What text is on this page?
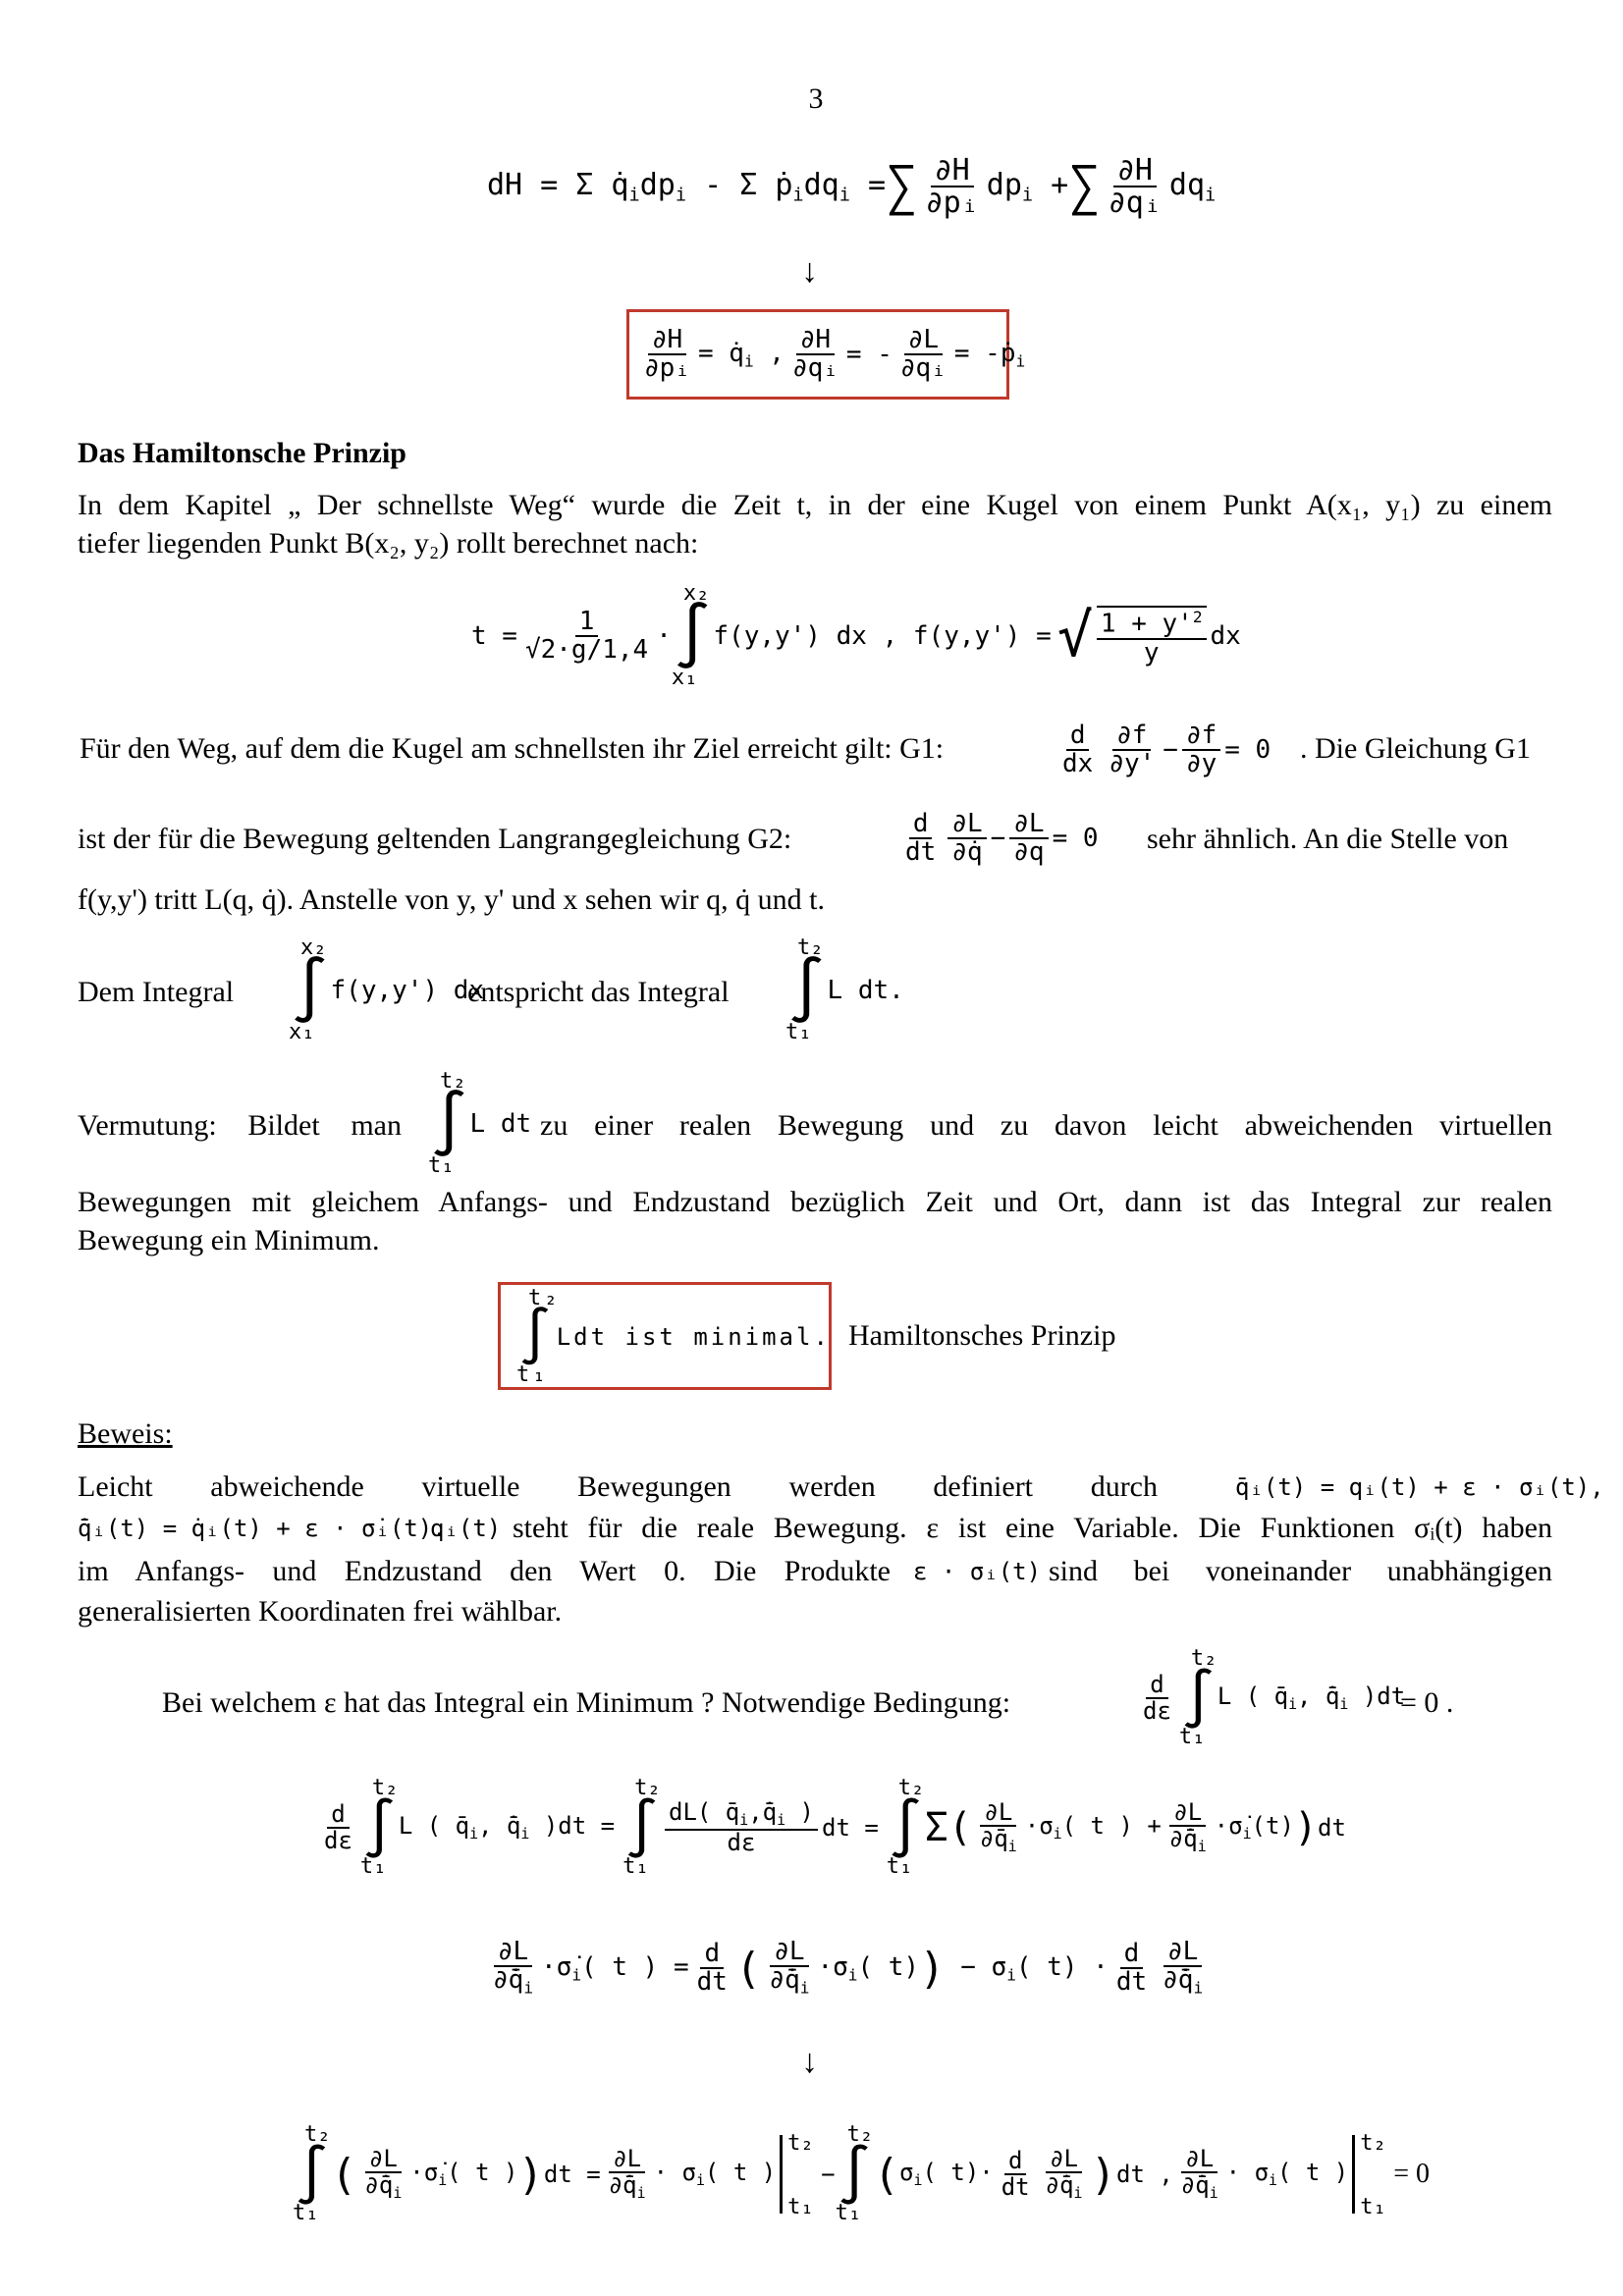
3
dH = Σ $q̇_idp_i$ - Σ $ṗ_idq_i$ = ∑ $\frac{\partial H}{\text{∂pᵢ}} dp_i$ + ∑ $\frac{\partial H}{\text{∂qᵢ}} dq_i$
↓
$\frac{\partial H}{\text{∂pᵢ}}$ = $q̇_i$ , $\frac{\partial H}{\text{∂qᵢ}}$ = - $\frac{\partial L}{\text{∂qᵢ}}$ = -ṗ$_i$
Das Hamiltonsche Prinzip
In dem Kapitel „ Der schnellste Weg“ wurde die Zeit t, in der eine Kugel von einem Punkt A(x₁, y₁) zu einem
tiefer liegenden Punkt B(x₂, y₂) rollt berechnet nach:
$t = \frac{1}{√2\cdot g/1,4}$ · ∫
x₂
x₁
f(y,y') dx , f(y,y') = √ $\frac{1 + y'^2}{y}$ dx
Für den Weg, auf dem die Kugel am schnellsten ihr Ziel erreicht gilt: G1:	$\frac{d}{dx} \frac{\partial f}{\partial y'} - \frac{\partial f}{\partial y} = 0$ . Die Gleichung G1
ist der für die Bewegung geltenden Langrangegleichung G2:	$\frac{d}{dt} \frac{\partial L}{\partial q̇} - \frac{\partial L}{\partial q} = 0$ sehr ähnlich. An die Stelle von
f(y,y') tritt L(q, q̇). Anstelle von y, y' und x sehen wir q, q̇ und t.
Dem Integral ∫
x₂
x₁
f(y,y') dx
entspricht das Integral ∫
t₂
t₁
L dt .
Vermutung: Bildet man ∫
t₂
t₁
L dt zu einer realen Bewegung und zu davon leicht abweichenden virtuellen
Bewegungen mit gleichem Anfangs- und Endzustand bezüglich Zeit und Ort, dann ist das Integral zur realen
Bewegung ein Minimum.
∫
t₂
t₁
Ldt ist minimal. Hamiltonsches Prinzip
Beweis:
Leicht abweichende virtuelle Bewegungen werden definiert durch	q̄ᵢ(t) = qᵢ(t) + ε · σᵢ(t),
q̄̇ᵢ(t) = q̇ᵢ(t) + ε · σ̇ᵢ(t).
qᵢ(t) steht für die reale Bewegung. ε ist eine Variable. Die Funktionen σᵢ(t) haben
im Anfangs- und Endzustand den Wert 0. Die Produkte ε · σᵢ(t) sind bei voneinander unabhängigen
generalisierten Koordinaten frei wählbar.
Bei welchem ε hat das Integral ein Minimum ? Notwendige Bedingung:	$\frac{d}{d\varepsilon}$ ∫
t₂
t₁
L ( $q̄_i$, $q̄̇_i$ )dt
= 0 .
$\frac{d}{d\varepsilon}$ ∫
t₂
t₁
L ( $q̄_i$, $q̄̇_i$ )dt = ∫
t₂
t₁
$\frac{dL( q̄_i,q̄̇_i )}{d\varepsilon}$ dt = ∫
t₂
t₁
$\Sigma( \frac{\partial L}{\partial q̄_i} \cdot\sigma_i$( t ) + $\frac{\partial L}{\partial q̄̇_i}$ $\cdot\sigmȧ_i(t)$ ) dt
$\frac{\partial L}{\partial q̄̇_i}$ $\cdot\sigmȧ_i$( t ) = $\frac{d}{dt}$ ( $\frac{\partial L}{\partial q̄̇_i} \cdot\sigma_i$( t) ) − $\sigma_i$( $t) \cdot \frac{d}{dt} \frac{\partial L}{\partial q̄̇_i}$
↓
∫
t₂
t₁
( $\frac{\partial L}{\partial q̄̇_i}$ $\cdot\sigmȧ_i$( t ) ) dt = $\frac{\partial L}{\partial q̄̇_i} \cdot \sigma_i$( t )
t₂
t₁
− ∫
t₂
t₁
( $\sigma_i$( $t)\cdot \frac{d}{dt} \frac{\partial L}{\partial q̄̇_i}$ ) dt , $\frac{\partial L}{\partial q̄̇_i} \cdot \sigma_i$( t )
t₂
t₁
= 0
